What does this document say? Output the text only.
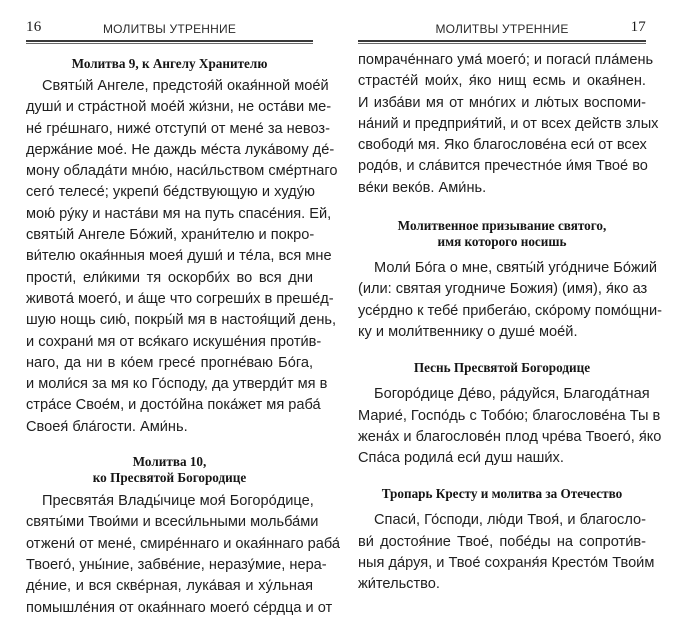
16	МОЛИТВЫ УТРЕННИЕ
Молитва 9, к Ангелу Хранителю
Святы́й Ангеле, предстоя́й окая́нной мое́й
души́ и стра́стной мое́й жи́зни, не оста́ви ме-
не́ гре́шнаго, ниже́ отступи́ от мене́ за невоз-
держа́ние мое́. Не даждь ме́ста лука́вому де́-
мону облада́ти мно́ю, наси́льством сме́ртнаго
сего́ телесе́; укрепи́ бе́дствующую и худу́ю
мою́ ру́ку и наста́ви мя на путь спасе́ния. Ей,
святы́й Ангеле Бо́жий, храни́телю и покро-
ви́телю окая́нныя моея́ души́ и те́ла, вся мне
прости́, ели́кими тя оскорби́х во вся дни
живота́ моего́, и а́ще что согреши́х в преше́д-
шую нощь сию́, покры́й мя в настоя́щий день,
и сохрани́ мя от вся́каго искуше́ния проти́в-
наго, да ни в ко́ем гресе́ прогне́ваю Бо́га,
и моли́ся за мя ко Го́споду, да утверди́т мя в
стра́се Свое́м, и досто́йна пока́жет мя раба́
Своея́ бла́гости. Ами́нь.
Молитва 10,
ко Пресвятой Богородице
Пресвята́я Влады́чице моя́ Богоро́дице,
святы́ми Твои́ми и всеси́льными мольба́ми
отжени́ от мене́, смире́ннаго и окая́ннаго раба́
Твоего́, уны́ние, забве́ние, неразу́мие, нера-
де́ние, и вся скве́рная, лука́вая и ху́льная
помышле́ния от окая́ннаго моего́ се́рдца и от
МОЛИТВЫ УТРЕННИЕ	17
помраче́ннаго ума́ моего́; и погаси́ пла́мень
страсте́й мои́х, я́ко нищ есмь и окая́нен.
И изба́ви мя от мно́гих и лю́тых воспоми-
на́ний и предприя́тий, и от всех действ злых
свободи́ мя. Яко благослове́на еси́ от всех
родо́в, и сла́вится пречестно́е и́мя Твое́ во
ве́ки веко́в. Ами́нь.
Молитвенное призывание святого,
имя которого носишь
Моли́ Бо́га о мне, святы́й уго́дниче Бо́жий
(или: святая угодниче Божия) (имя), я́ко аз
усе́рдно к тебе́ прибега́ю, ско́рому помо́щни-
ку и моли́твеннику о душе́ мое́й.
Песнь Пресвятой Богородице
Богоро́дице Де́во, ра́дуйся, Благода́тная
Марие́, Госпо́дь с Тобо́ю; благослове́на Ты в
жена́х и благослове́н плод чре́ва Твоего́, я́ко
Спа́са родила́ еси́ душ наши́х.
Тропарь Кресту и молитва за Отечество
Спаси́, Го́споди, лю́ди Твоя́, и благосло-
ви́ достоя́ние Твое́, побе́ды на сопроти́в-
ныя да́руя, и Твое́ сохраня́я Кресто́м Твои́м
жи́тельство.
